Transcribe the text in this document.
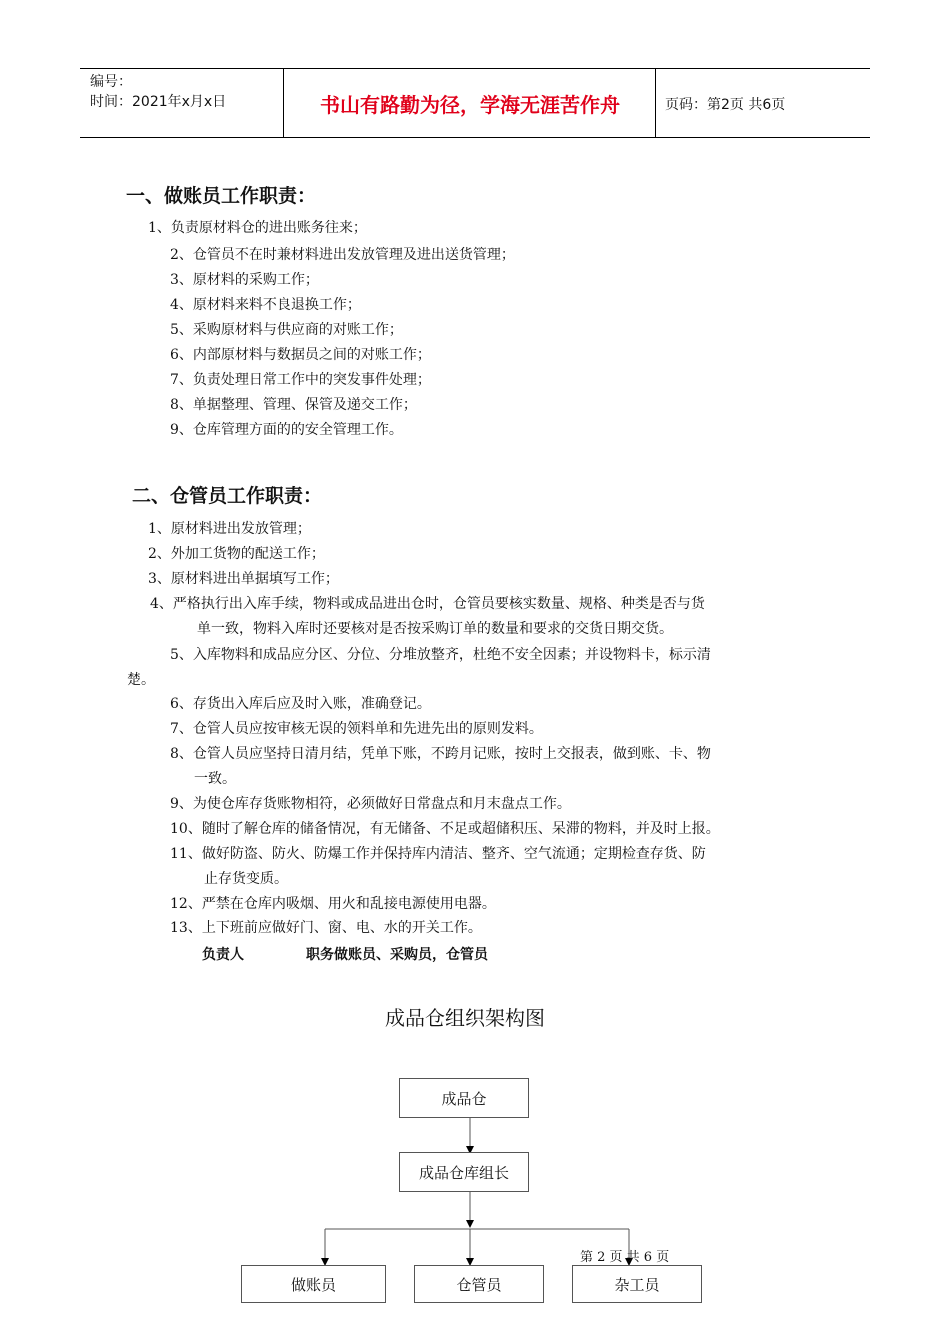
编号：
时间：2021年x月x日	书山有路勤为径，学海无涯苦作舟	页码：第2页 共6页
一、做账员工作职责：
1、负责原材料仓的进出账务往来；
2、仓管员不在时兼材料进出发放管理及进出送货管理；
3、原材料的采购工作；
4、原材料来料不良退换工作；
5、采购原材料与供应商的对账工作；
6、内部原材料与数据员之间的对账工作；
7、负责处理日常工作中的突发事件处理；
8、单据整理、管理、保管及递交工作；
9、仓库管理方面的的安全管理工作。
二、仓管员工作职责：
1、原材料进出发放管理；
2、外加工货物的配送工作；
3、原材料进出单据填写工作；
4、严格执行出入库手续，物料或成品进出仓时，仓管员要核实数量、规格、种类是否与货
单一致，物料入库时还要核对是否按采购订单的数量和要求的交货日期交货。
5、入库物料和成品应分区、分位、分堆放整齐，杜绝不安全因素；并设物料卡，标示清
楚。
6、存货出入库后应及时入账，准确登记。
7、仓管人员应按审核无误的领料单和先进先出的原则发料。
8、仓管人员应坚持日清月结，凭单下账，不跨月记账，按时上交报表，做到账、卡、物
一致。
9、为使仓库存货账物相符，必须做好日常盘点和月末盘点工作。
10、随时了解仓库的储备情况，有无储备、不足或超储积压、呆滞的物料，并及时上报。
11、做好防盗、防火、防爆工作并保持库内清洁、整齐、空气流通；定期检查存货、防
止存货变质。
12、严禁在仓库内吸烟、用火和乱接电源使用电器。
13、上下班前应做好门、窗、电、水的开关工作。
负责人	职务做账员、采购员，仓管员
成品仓组织架构图
成品仓
成品仓库组长
做账员	仓管员	杂工员
第 2 页 共 6 页
